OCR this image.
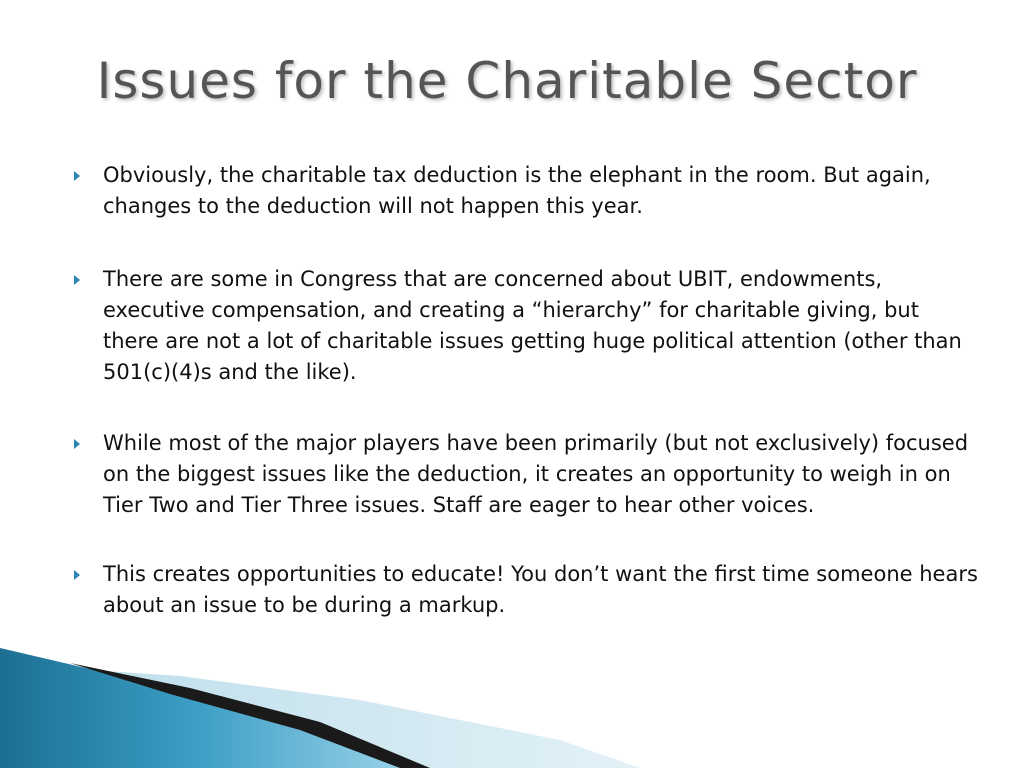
Issues for the Charitable Sector
Obviously, the charitable tax deduction is the elephant in the room. But again, changes to the deduction will not happen this year.
There are some in Congress that are concerned about UBIT, endowments, executive compensation, and creating a “hierarchy” for charitable giving, but there are not a lot of charitable issues getting huge political attention (other than 501(c)(4)s and the like).
While most of the major players have been primarily (but not exclusively) focused on the biggest issues like the deduction, it creates an opportunity to weigh in on Tier Two and Tier Three issues. Staff are eager to hear other voices.
This creates opportunities to educate! You don’t want the first time someone hears about an issue to be during a markup.
